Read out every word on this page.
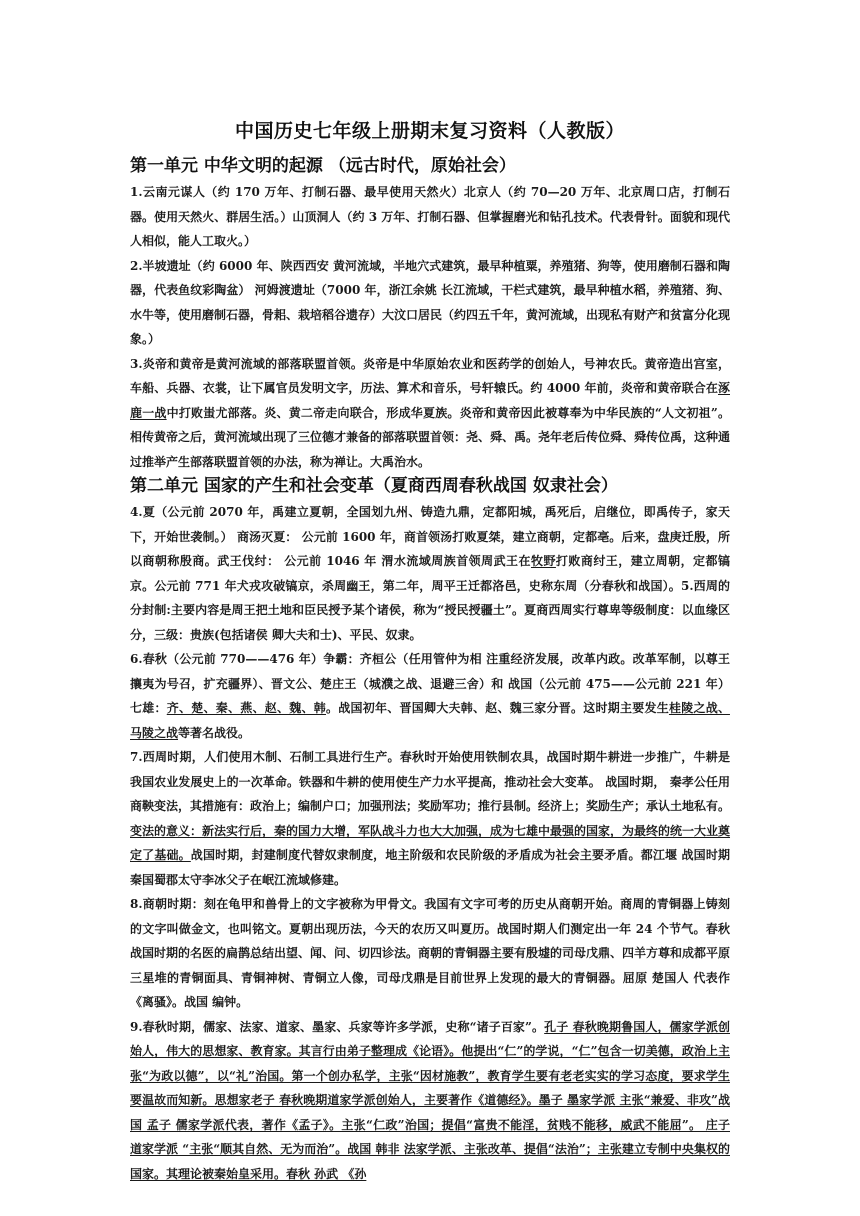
中国历史七年级上册期末复习资料（人教版）
第一单元 中华文明的起源 （远古时代，原始社会）

1.云南元谋人（约 170 万年、打制石器、最早使用天然火）北京人（约 70—20 万年、北京周口店，打制石器。使用天然火、群居生活。）山顶洞人（约 3 万年、打制石器、但掌握磨光和钻孔技术。代表骨针。面貌和现代人相似，能人工取火。）

2.半坡遗址（约 6000 年、陕西西安 黄河流域，半地穴式建筑，最早种植粟，养殖猪、狗等，使用磨制石器和陶器，代表鱼纹彩陶盆） 河姆渡遗址（7000 年，浙江余姚 长江流域，干栏式建筑，最早种植水稻，养殖猪、狗、水牛等，使用磨制石器，骨耜、栽培稻谷遗存）大汶口居民（约四五千年，黄河流域，出现私有财产和贫富分化现象。）

3.炎帝和黄帝是黄河流域的部落联盟首领。炎帝是中华原始农业和医药学的创始人，号神农氏。黄帝造出宫室，车船、兵器、衣裳，让下属官员发明文字，历法、算术和音乐，号轩辕氏。约 4000 年前，炎帝和黄帝联合在涿鹿一战中打败蚩尤部落。炎、黄二帝走向联合，形成华夏族。炎帝和黄帝因此被尊奉为中华民族的“人文初祖”。相传黄帝之后，黄河流域出现了三位德才兼备的部落联盟首领：尧、舜、禹。尧年老后传位舜、舜传位禹，这种通过推举产生部落联盟首领的办法，称为禅让。大禹治水。

第二单元 国家的产生和社会变革（夏商西周春秋战国 奴隶社会）

4.夏（公元前 2070 年，禹建立夏朝，全国划九州、铸造九鼎，定都阳城，禹死后，启继位，即禹传子，家天下，开始世袭制。） 商汤灭夏： 公元前 1600 年，商首领汤打败夏桀，建立商朝，定都亳。后来，盘庚迁殷，所以商朝称殷商。武王伐纣： 公元前 1046 年 渭水流域周族首领周武王在牧野打败商纣王，建立周朝，定都镐京。公元前 771 年犬戎攻破镐京，杀周幽王，第二年，周平王迁都洛邑，史称东周（分春秋和战国）。5.西周的分封制:主要内容是周王把土地和臣民授予某个诸侯，称为“授民授疆土”。夏商西周实行尊卑等级制度：以血缘区分，三级：贵族(包括诸侯 卿大夫和士)、平民、奴隶。

6.春秋（公元前 770——476 年）争霸：齐桓公（任用管仲为相 注重经济发展，改革内政。改革军制，以尊王攘夷为号召，扩充疆界）、晋文公、楚庄王（城濮之战、退避三舍）和 战国（公元前 475——公元前 221 年）七雄：齐、楚、秦、燕、赵、魏、韩。战国初年、晋国卿大夫韩、赵、魏三家分晋。这时期主要发生桂陵之战、马陵之战等著名战役。

7.西周时期，人们使用木制、石制工具进行生产。春秋时开始使用铁制农具，战国时期牛耕进一步推广，牛耕是我国农业发展史上的一次革命。铁器和牛耕的使用使生产力水平提高，推动社会大变革。 战国时期， 秦孝公任用商鞅变法，其措施有：政治上；编制户口；加强刑法；奖励军功；推行县制。经济上；奖励生产；承认土地私有。变法的意义：新法实行后，秦的国力大增，军队战斗力也大大加强，成为七雄中最强的国家，为最终的统一大业奠定了基础。战国时期，封建制度代替奴隶制度，地主阶级和农民阶级的矛盾成为社会主要矛盾。都江堰 战国时期秦国蜀郡太守李冰父子在岷江流域修建。

8.商朝时期：刻在龟甲和兽骨上的文字被称为甲骨文。我国有文字可考的历史从商朝开始。商周的青铜器上铸刻的文字叫做金文，也叫铭文。夏朝出现历法，今天的农历又叫夏历。战国时期人们测定出一年 24 个节气。春秋战国时期的名医的扁鹊总结出望、闻、问、切四诊法。商朝的青铜器主要有殷墟的司母戊鼎、四羊方尊和成都平原三星堆的青铜面具、青铜神树、青铜立人像，司母戊鼎是目前世界上发现的最大的青铜器。屈原 楚国人 代表作 《离骚》。战国 编钟。

9.春秋时期，儒家、法家、道家、墨家、兵家等许多学派，史称“诸子百家”。孔子 春秋晚期鲁国人，儒家学派创始人，伟大的思想家、教育家。其言行由弟子整理成《论语》。他提出“仁”的学说，“仁”包含一切美德，政治上主张“为政以德”，以“礼”治国。第一个创办私学，主张“因材施教”，教育学生要有老老实实的学习态度，要求学生要温故而知新。思想家老子 春秋晚期道家学派创始人，主要著作《道德经》。墨子 墨家学派 主张“兼爱、非攻”战国 孟子 儒家学派代表，著作《孟子》。主张“仁政”治国；提倡“富贵不能淫，贫贱不能移，威武不能屈”。 庄子 道家学派 “主张“顺其自然、无为而治”。战国 韩非 法家学派、主张改革、提倡“法治”；主张建立专制中央集权的国家。其理论被秦始皇采用。春秋 孙武 《孙
